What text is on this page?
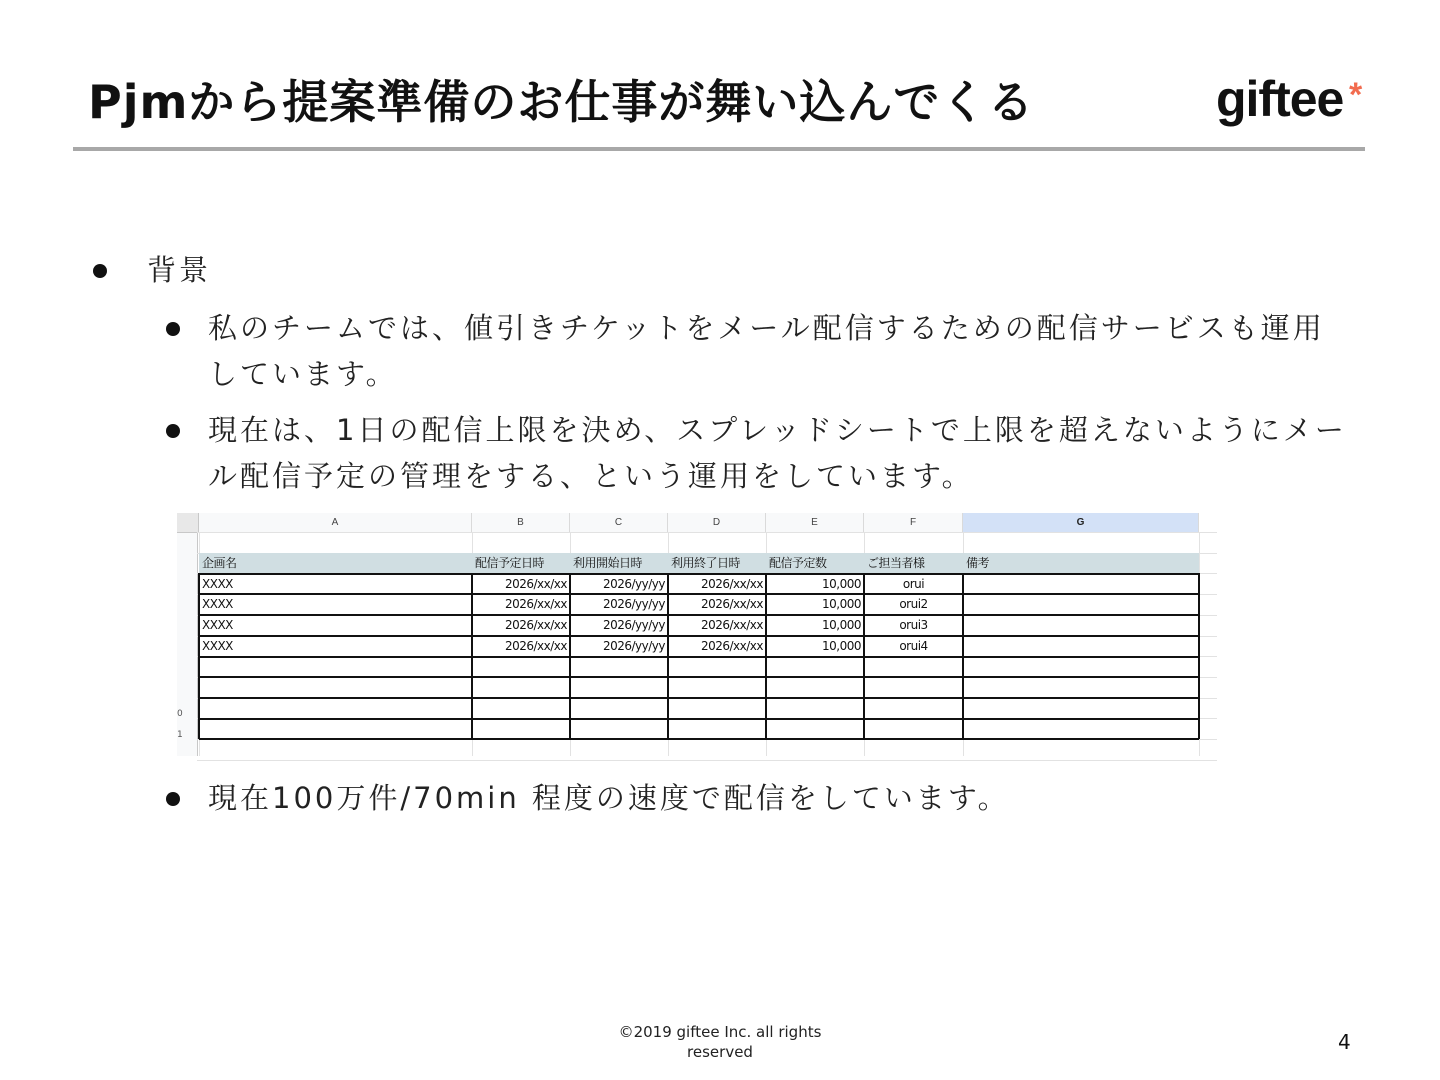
Pjmから提案準備のお仕事が舞い込んでくる	giftee *
背景
私のチームでは、値引きチケットをメール配信するための配信サービスも運用
しています。
現在は、1日の配信上限を決め、スプレッドシートで上限を超えないようにメー
ル配信予定の管理をする、という運用をしています。
A	B	C	D	E	F	G
企画名	配信予定日時	利用開始日時	利用終了日時	配信予定数	ご担当者様	備考
XXXX	2026/xx/xx	2026/yy/yy	2026/xx/xx	10,000	orui
XXXX	2026/xx/xx	2026/yy/yy	2026/xx/xx	10,000	orui2
XXXX	2026/xx/xx	2026/yy/yy	2026/xx/xx	10,000	orui3
XXXX	2026/xx/xx	2026/yy/yy	2026/xx/xx	10,000	orui4
0
1
現在100万件/70min 程度の速度で配信をしています。
©2019 giftee Inc. all rights
reserved	4
